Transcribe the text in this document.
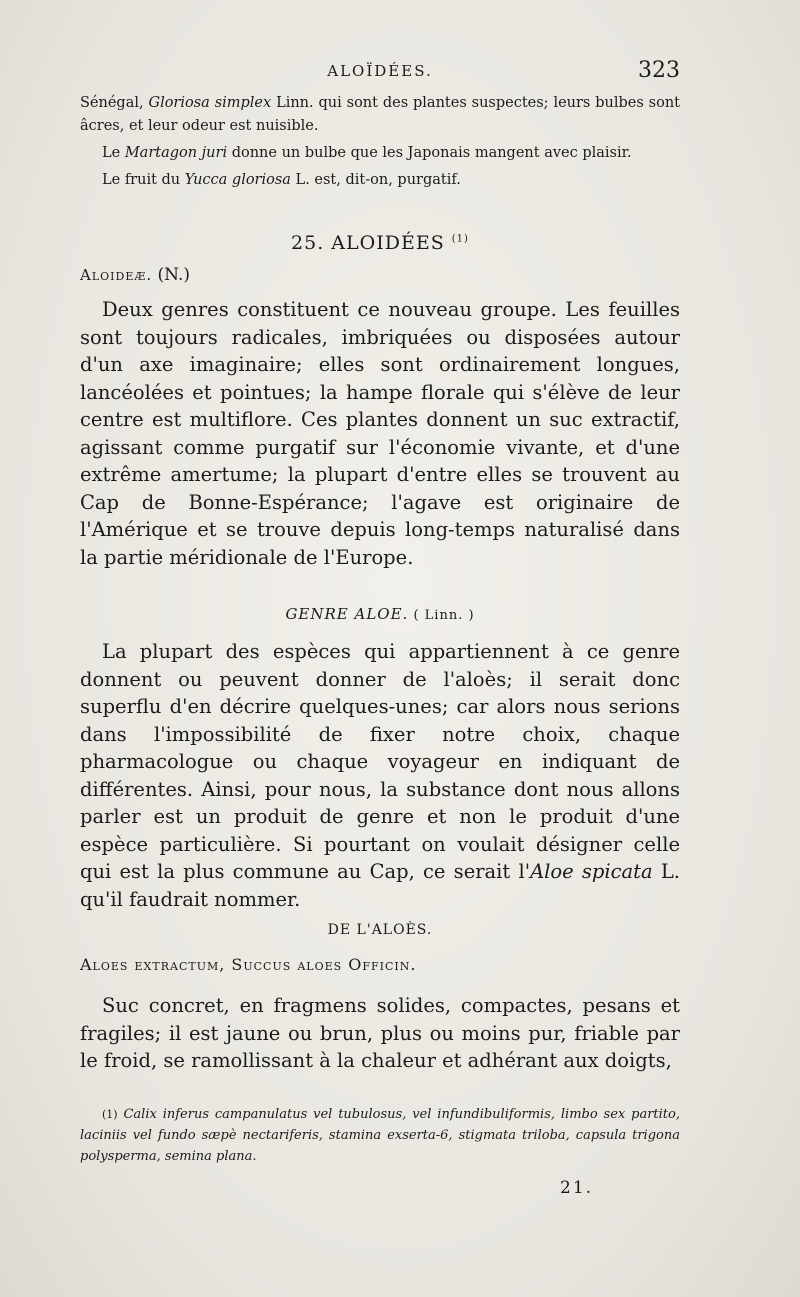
ALOÏDÉES.	323

Sénégal, Gloriosa simplex Linn. qui sont des plantes suspectes; leurs bulbes sont âcres, et leur odeur est nuisible.

Le Martagon juri donne un bulbe que les Japonais mangent avec plaisir.

Le fruit du Yucca gloriosa L. est, dit-on, purgatif.

25. ALOIDÉES $^{(1)}$

Aloideæ. (N.)

Deux genres constituent ce nouveau groupe. Les feuilles sont toujours radicales, imbriquées ou disposées autour d'un axe imaginaire; elles sont ordinairement longues, lancéolées et pointues; la hampe florale qui s'élève de leur centre est multiflore. Ces plantes donnent un suc extractif, agissant comme purgatif sur l'économie vivante, et d'une extrême amertume; la plupart d'entre elles se trouvent au Cap de Bonne-Espérance; l'agave est originaire de l'Amérique et se trouve depuis long-temps naturalisé dans la partie méridionale de l'Europe.

GENRE ALOE. ( Linn. )

La plupart des espèces qui appartiennent à ce genre donnent ou peuvent donner de l'aloès; il serait donc superflu d'en décrire quelques-unes; car alors nous serions dans l'impossibilité de fixer notre choix, chaque pharmacologue ou chaque voyageur en indiquant de différentes. Ainsi, pour nous, la substance dont nous allons parler est un produit de genre et non le produit d'une espèce particulière. Si pourtant on voulait désigner celle qui est la plus commune au Cap, ce serait l'Aloe spicata L. qu'il faudrait nommer.

DE L'ALOÈS.

Aloes extractum, Succus aloes Officin.

Suc concret, en fragmens solides, compactes, pesans et fragiles; il est jaune ou brun, plus ou moins pur, friable par le froid, se ramollissant à la chaleur et adhérant aux doigts,

(1) Calix inferus campanulatus vel tubulosus, vel infundibuliformis, limbo sex partito, laciniis vel fundo sæpè nectariferis, stamina exserta-6, stigmata triloba, capsula trigona polysperma, semina plana.

21.
